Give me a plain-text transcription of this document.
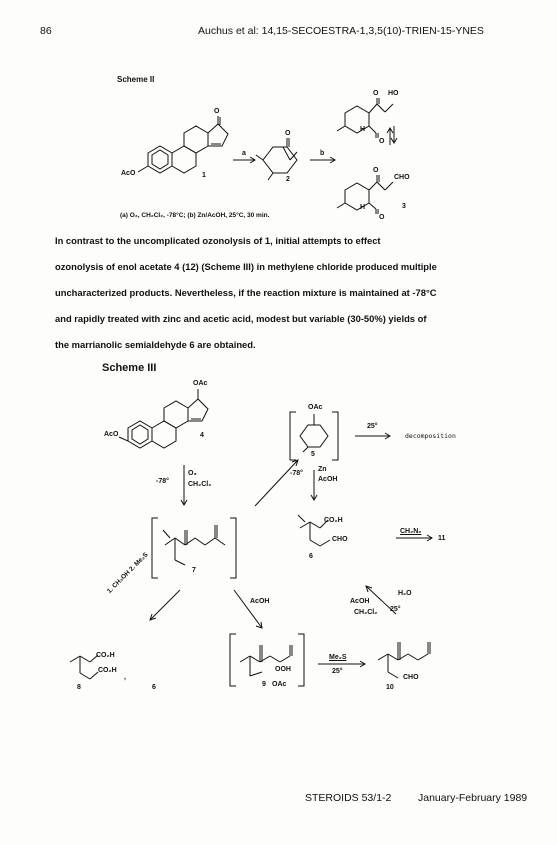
86	Auchus et al: 14,15-SECOESTRA-1,3,5(10)-TRIEN-15-YNES
Scheme II
AcO
O
1
a
O
2
b
O HO
O
H
O
CHO
O
H	3
(a) O₃, CH₂Cl₂, -78°C; (b) Zn/AcOH, 25°C, 30 min.
In contrast to the uncomplicated ozonolysis of 1, initial attempts to effect
ozonolysis of enol acetate 4 (12) (Scheme III) in methylene chloride produced multiple
uncharacterized products. Nevertheless, if the reaction mixture is maintained at -78°C
and rapidly treated with zinc and acetic acid, modest but variable (30-50%) yields of
the marrianolic semialdehyde 6 are obtained.
Scheme III
OAc
AcO	4
OAc
5
25°
decomposition
-78°
O₃
CH₂Cl₂
-78°
Zn
AcOH
CO₂H
CHO
6
CH₂N₂
11
7
1. CH₃OH 2. Me₂S
AcOH
H₂O
AcOH
CH₂Cl₂ 25°
CO₂H
CO₂H
8
,
6
OOH
9 OAc
Me₂S
25°
CHO
10
STEROIDS 53/1-2	January-February 1989
